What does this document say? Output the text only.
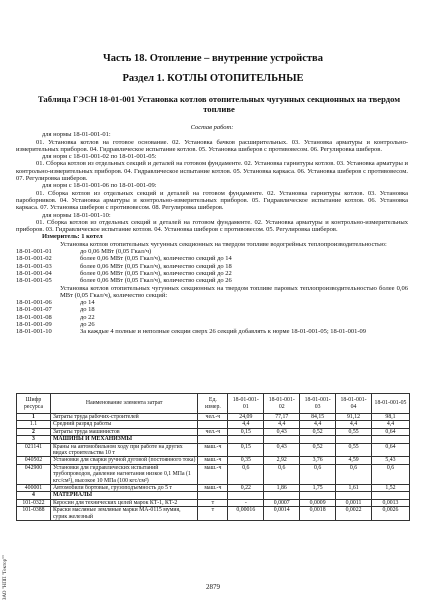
Часть 18. Отопление – внутренние устройства
Раздел 1. КОТЛЫ ОТОПИТЕЛЬНЫЕ
Таблица ГЭСН 18-01-001 Установка котлов отопительных чугунных секционных на твердом топливе

Состав работ:

для нормы 18-01-001-01:

01. Установка котлов на готовое основание. 02. Установка бачков расширительных. 03. Установка арматуры и контрольно-измерительных приборов. 04. Гидравлическое испытание котлов. 05. Установка шиберов с противовесом. 06. Регулировка шиберов.

для норм с 18-01-001-02 по 18-01-001-05:

01. Сборка котлов из отдельных секций и деталей на готовом фундаменте. 02. Установка гарнитуры котлов. 03. Установка арматуры и контрольно-измерительных приборов. 04. Гидравлическое испытание котлов. 05. Установка каркаса. 06. Установка шиберов с противовесом. 07. Регулировка шиберов.

для норм с 18-01-001-06 по 18-01-001-09:

01. Сборка котлов из отдельных секций и деталей на готовом фундаменте. 02. Установка гарнитуры котлов. 03. Установка пароборников. 04. Установка арматуры и контрольно-измерительных приборов. 05. Гидравлическое испытание котлов. 06. Установка каркаса. 07. Установка шиберов с противовесом. 08. Регулировка шиберов.

для нормы 18-01-001-10:

01. Сборка котлов из отдельных секций и деталей на готовом фундаменте. 02. Установка арматуры и контрольно-измерительных приборов. 03. Гидравлическое испытание котлов. 04. Установка шиберов с противовесом. 05. Регулировка шиберов.

Измеритель: 1 котел

Установка котлов отопительных чугунных секционных на твердом топливе водогрейных теплопроизводительностью:

18-01-001-01	до 0,06 МВт (0,05 Гкал/ч)
18-01-001-02	более 0,06 МВт (0,05 Гкал/ч), количество секций до 14
18-01-001-03	более 0,06 МВт (0,05 Гкал/ч), количество секций до 18
18-01-001-04	более 0,06 МВт (0,05 Гкал/ч), количество секций до 22
18-01-001-05	более 0,06 МВт (0,05 Гкал/ч), количество секций до 26

Установка котлов отопительных чугунных секционных на твердом топливе паровых теплопроизводительностью более 0,06 МВт (0,05 Гкал/ч), количество секций:

18-01-001-06	до 14
18-01-001-07	до 18
18-01-001-08	до 22
18-01-001-09	до 26
18-01-001-10	За каждые 4 полные и неполные секции сверх 26 секций добавлять к норме 18-01-001-05; 18-01-001-09
Шифр ресурса	Наименование элемента затрат	Ед. измер.	18-01-001-01	18-01-001-02	18-01-001-03	18-01-001-04	18-01-001-05
1	Затраты труда рабочих-строителей	чел.-ч	24,09	77,17	84,15	91,12	98,1
1.1	Средний разряд работы		4,4	4,4	4,4	4,4	4,4
2	Затраты труда машинистов	чел.-ч	0,15	0,43	0,52	0,55	0,64
3	МАШИНЫ И МЕХАНИЗМЫ						
021141	Краны на автомобильном ходу при работе на других видах строительства 10 т	маш.-ч	0,15	0,43	0,52	0,55	0,64
040502	Установки для сварки ручной дуговой (постоянного тока)	маш.-ч	0,35	2,92	3,76	4,59	5,43
042900	Установки для гидравлических испытаний трубопроводов, давление нагнетания низкое 0,1 МПа (1 кгс/см²), высокое 10 МПа (100 кгс/см²)	маш.-ч	0,6	0,6	0,6	0,6	0,6
400001	Автомобили бортовые, грузоподъемность до 5 т	маш.-ч	0,22	1,86	1,75	1,61	1,52
4	МАТЕРИАЛЫ						
101-0322	Керосин для технических целей марок КТ-1, КТ-2	т	-	0,0007	0,0009	0,0011	0,0013
101-0388	Краски масляные земляные марки МА-0115 мумия, сурик железный	т	0,00016	0,0014	0,0018	0,0022	0,0026
2879
ЗАО "НПП "Гектор""
